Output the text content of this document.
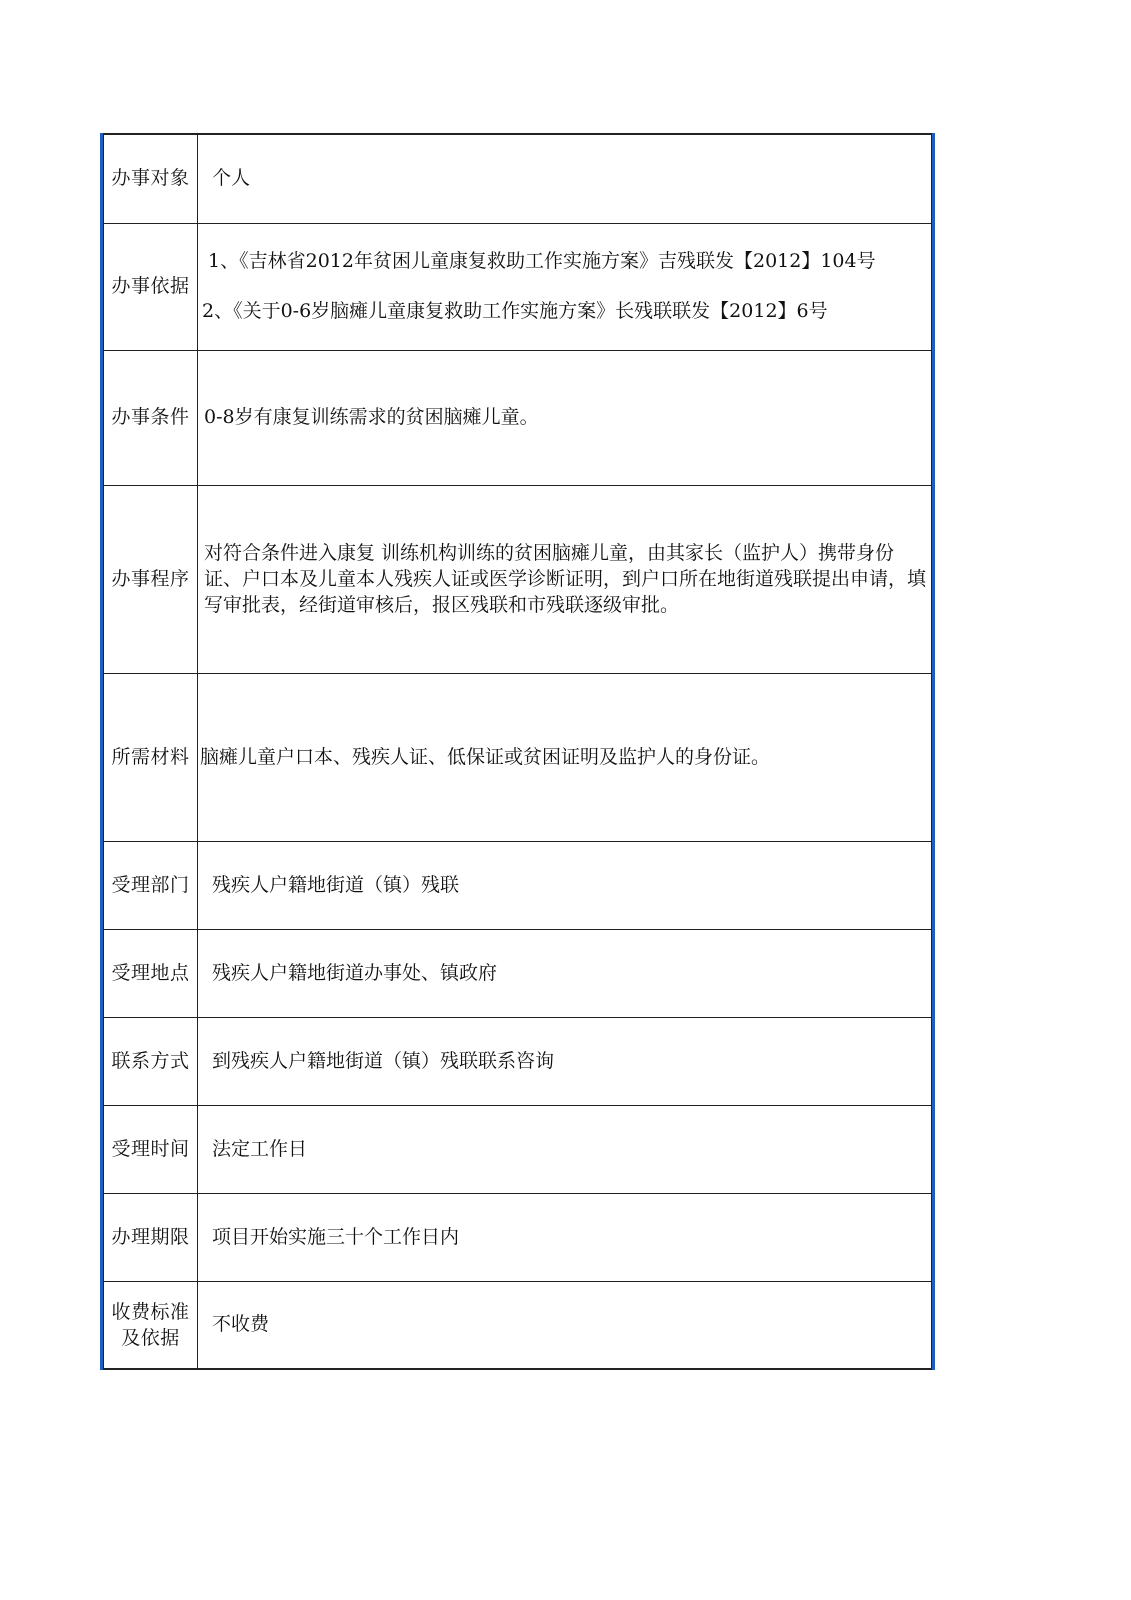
办事对象	个人
办事依据	1、《吉林省2012年贫困儿童康复救助工作实施方案》吉残联发【2012】104号

2、《关于0-6岁脑瘫儿童康复救助工作实施方案》长残联联发【2012】6号

办事条件	0-8岁有康复训练需求的贫困脑瘫儿童。
办事程序	对符合条件进入康复 训练机构训练的贫困脑瘫儿童，由其家长（监护人）携带身份证、户口本及儿童本人残疾人证或医学诊断证明，到户口所在地街道残联提出申请，填写审批表，经街道审核后，报区残联和市残联逐级审批。
所需材料	脑瘫儿童户口本、残疾人证、低保证或贫困证明及监护人的身份证。
受理部门	残疾人户籍地街道（镇）残联
受理地点	残疾人户籍地街道办事处、镇政府
联系方式	到残疾人户籍地街道（镇）残联联系咨询
受理时间	法定工作日
办理期限	项目开始实施三十个工作日内

收费标准
及依据	不收费
